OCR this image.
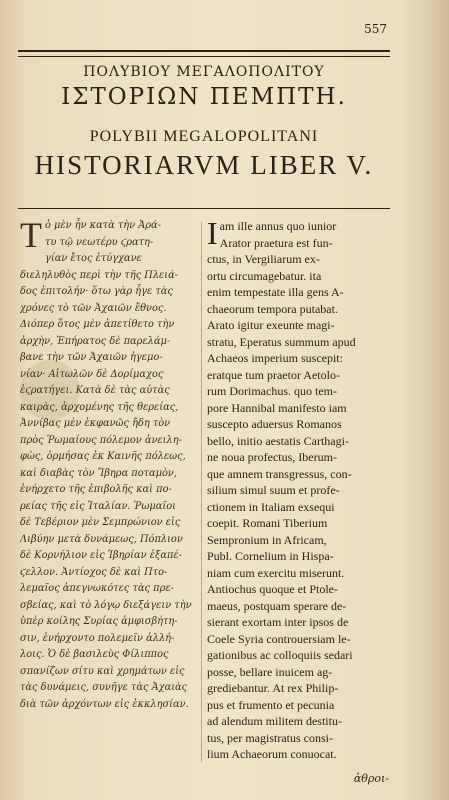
557
ΠΟΛΥΒΙΟΥ ΜΕΓΑΛΟΠΟΛΙΤΟΥ
ΙΣΤΟΡΙΩΝ ΠΕΜΠΤΗ.
POLYBII MEGALOPOLITANI
HISTORIARVM LIBER V.
Τ ὁ μὲν ἦν κατὰ τὴν Ἀρά-
τυ τῷ νεωτέρυ ϛρατη-
γίαν ἔτος ἐτύγχανε
διεληλυθὸς περὶ τὴν τῆς Πλειά-
δος ἐπιτολήν· ὅτω γὰρ ἦγε τὰς
χρόνες τὸ τῶν Ἀχαιῶν ἔθνος.
Διόπερ ὅτος μὲν ἀπετίθετο τὴν
ἀρχὴν, Ἐπήρατος δὲ παρελάμ-
βανε τὴν τῶν Ἀχαιῶν ἡγεμο-
νίαν· Αἰτωλῶν δὲ Δορίμαχος
ἐϛρατήγει. Κατὰ δὲ τὰς αὐτὰς
καιρὰς, ἀρχομένης τῆς θερείας,
Ἀννίβας μὲν ἐκφανῶς ἤδη τὸν
πρὸς Ῥωμαίους πόλεμον ἀνειλη-
φὼς, ὁρμήσας ἐκ Καινῆς πόλεως,
καὶ διαβὰς τὸν Ἴβηρα ποταμὸν,
ἐνήρχετο τῆς ἐπιβολῆς καὶ πο-
ρείας τῆς εἰς Ἰταλίαν. Ῥωμαῖοι
δὲ Τεβέριον μὲν Σεμπρώνιον εἰς
Λιβύην μετὰ δυνάμεως, Πόπλιον
δὲ Κορνήλιον εἰς Ἰβηρίαν ἐξαπέ-
ϛελλον. Ἀντίοχος δὲ καὶ Πτο-
λεμαῖος ἀπεγνωκότες τὰς πρε-
σβείας, καὶ τὸ λόγῳ διεξάγειν τὴν
ὑπὲρ κοίλης Συρίας ἀμφισβήτη-
σιν, ἐνήρχοντο πολεμεῖν ἀλλή-
λοις. Ὁ δὲ βασιλεὺς Φίλιππος
σπανίζων σίτυ καὶ χρημάτων εἰς
τὰς δυνάμεις, συνῆγε τὰς Ἀχαιὰς
διὰ τῶν ἀρχόντων εἰς ἐκκλησίαν.
I am ille annus quo iunior
Arator praetura est fun-
ctus, in Vergiliarum ex-
ortu circumagebatur. ita
enim tempestate illa gens A-
chaeorum tempora putabat.
Arato igitur exeunte magi-
stratu, Eperatus summum apud
Achaeos imperium suscepit:
eratque tum praetor Aetolo-
rum Dorimachus. quo tem-
pore Hannibal manifesto iam
suscepto aduersus Romanos
bello, initio aestatis Carthagi-
ne noua profectus, Iberum-
que amnem transgressus, con-
silium simul suum et profe-
ctionem in Italiam exsequi
coepit. Romani Tiberium
Sempronium in Africam,
Publ. Cornelium in Hispa-
niam cum exercitu miserunt.
Antiochus quoque et Ptole-
maeus, postquam sperare de-
sierant exortam inter ipsos de
Coele Syria controuersiam le-
gationibus ac colloquiis sedari
posse, bellare inuicem ag-
grediebantur. At rex Philip-
pus et frumento et pecunia
ad alendum militem destitu-
tus, per magistratus consi-
lium Achaeorum conuocat.
ἀθροι-
